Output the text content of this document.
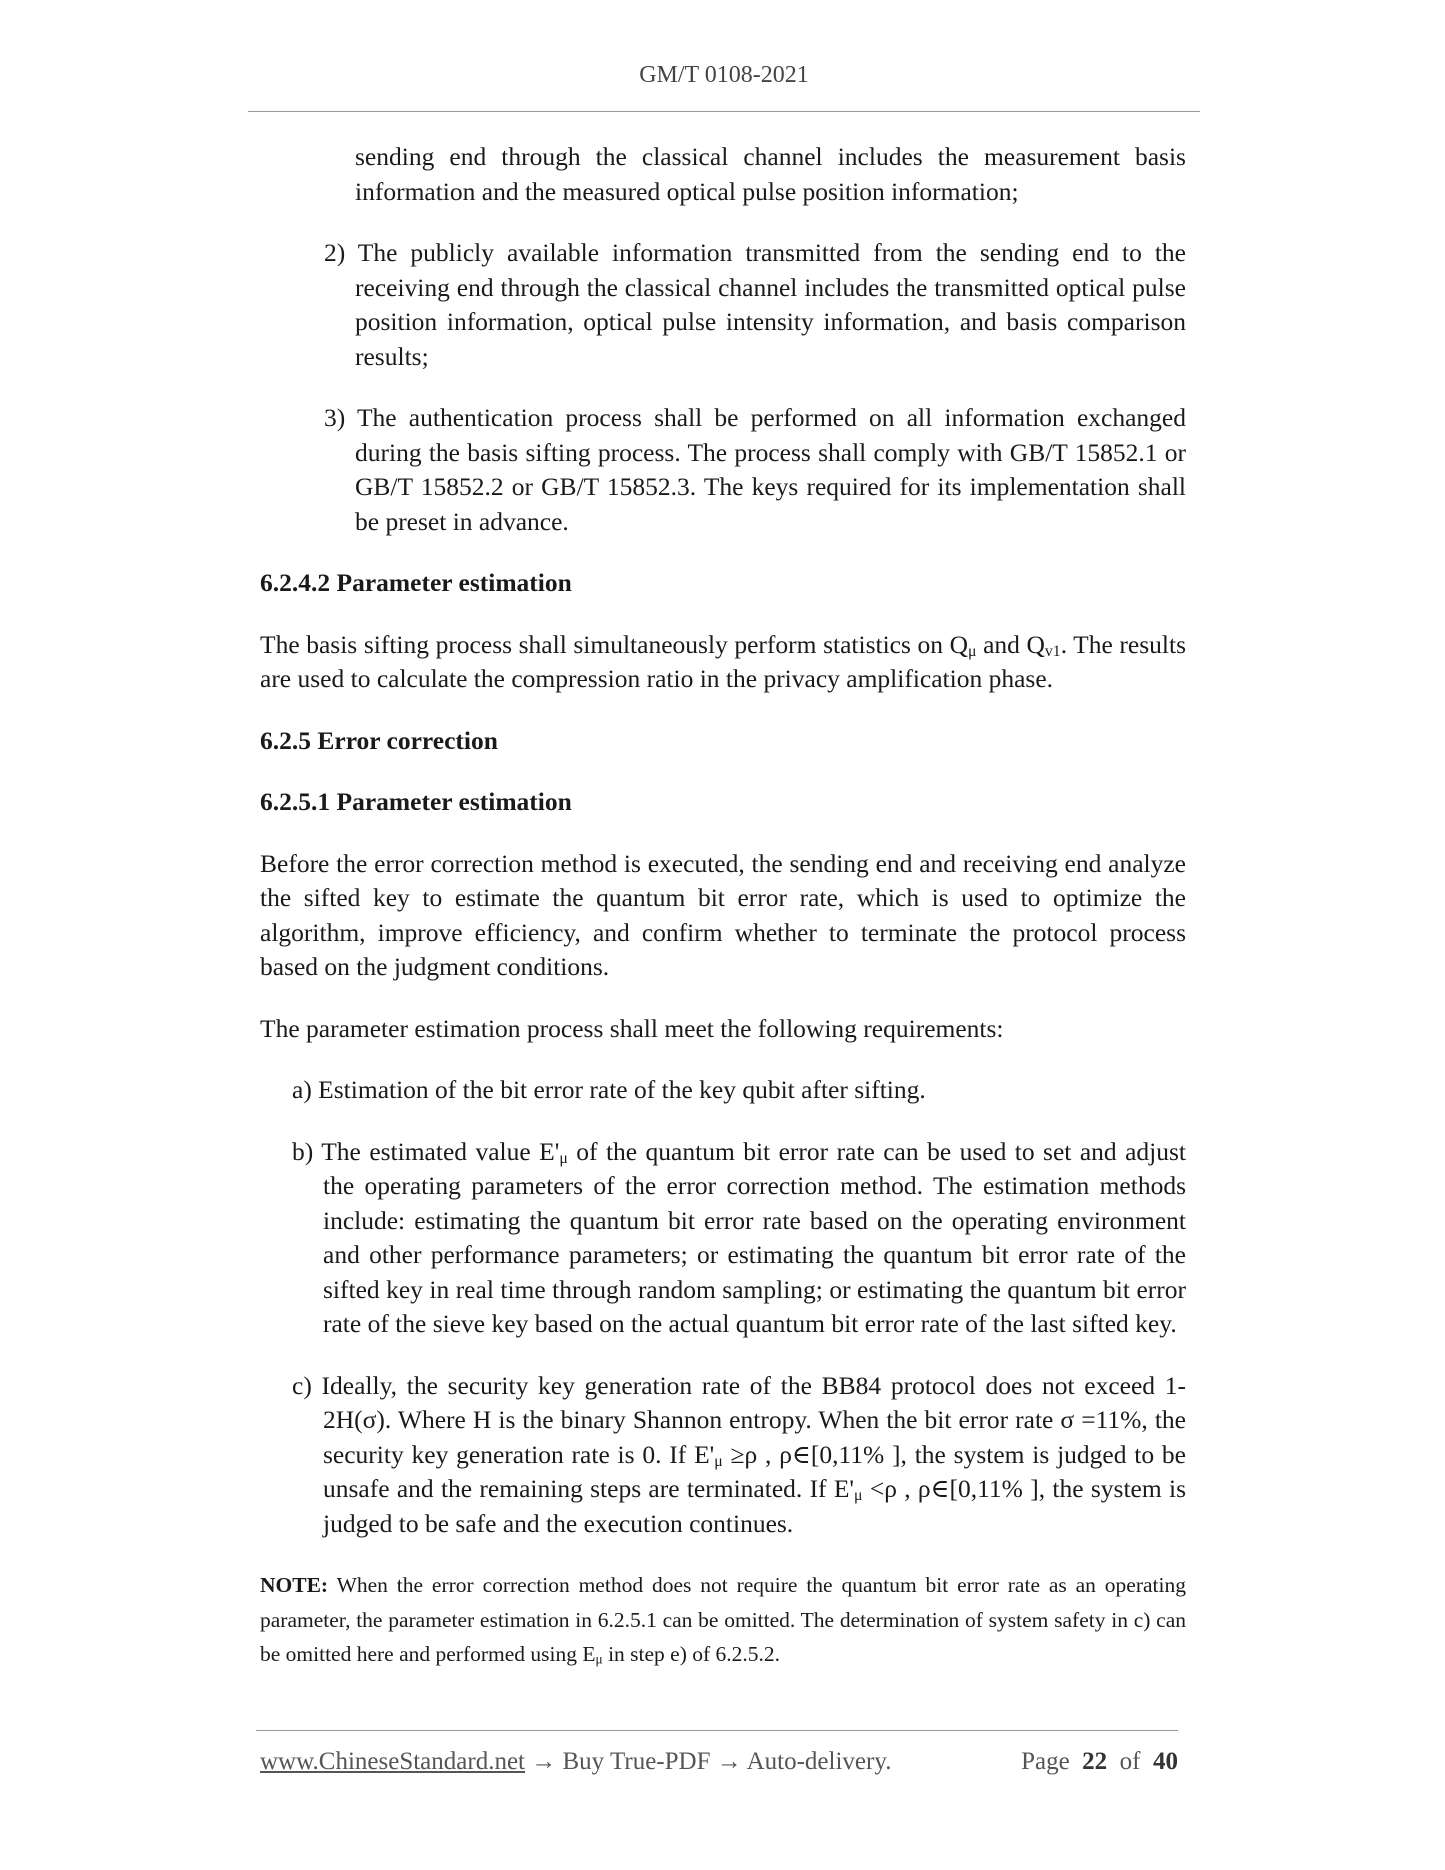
GM/T 0108-2021

sending end through the classical channel includes the measurement basis information and the measured optical pulse position information;

2) The publicly available information transmitted from the sending end to the receiving end through the classical channel includes the transmitted optical pulse position information, optical pulse intensity information, and basis comparison results;

3) The authentication process shall be performed on all information exchanged during the basis sifting process. The process shall comply with GB/T 15852.1 or GB/T 15852.2 or GB/T 15852.3. The keys required for its implementation shall be preset in advance.

6.2.4.2 Parameter estimation

The basis sifting process shall simultaneously perform statistics on $Q_\mu$ and $Q_{v1}$. The results are used to calculate the compression ratio in the privacy amplification phase.

6.2.5 Error correction

6.2.5.1 Parameter estimation

Before the error correction method is executed, the sending end and receiving end analyze the sifted key to estimate the quantum bit error rate, which is used to optimize the algorithm, improve efficiency, and confirm whether to terminate the protocol process based on the judgment conditions.

The parameter estimation process shall meet the following requirements:

a) Estimation of the bit error rate of the key qubit after sifting.

b) The estimated value $E'_\mu$ of the quantum bit error rate can be used to set and adjust the operating parameters of the error correction method. The estimation methods include: estimating the quantum bit error rate based on the operating environment and other performance parameters; or estimating the quantum bit error rate of the sifted key in real time through random sampling; or estimating the quantum bit error rate of the sieve key based on the actual quantum bit error rate of the last sifted key.

c) Ideally, the security key generation rate of the BB84 protocol does not exceed 1-2H(σ). Where H is the binary Shannon entropy. When the bit error rate σ =11%, the security key generation rate is 0. If $E'_\mu \ge\rho$ , ρ∈[0,11% ], the system is judged to be unsafe and the remaining steps are terminated. If $E'_\mu <\rho$ , ρ∈[0,11% ], the system is judged to be safe and the execution continues.

NOTE: When the error correction method does not require the quantum bit error rate as an operating parameter, the parameter estimation in 6.2.5.1 can be omitted. The determination of system safety in c) can be omitted here and performed using $E_\mu$ in step e) of 6.2.5.2.

www.ChineseStandard.net → Buy True-PDF → Auto-delivery.	Page 22 of 40
